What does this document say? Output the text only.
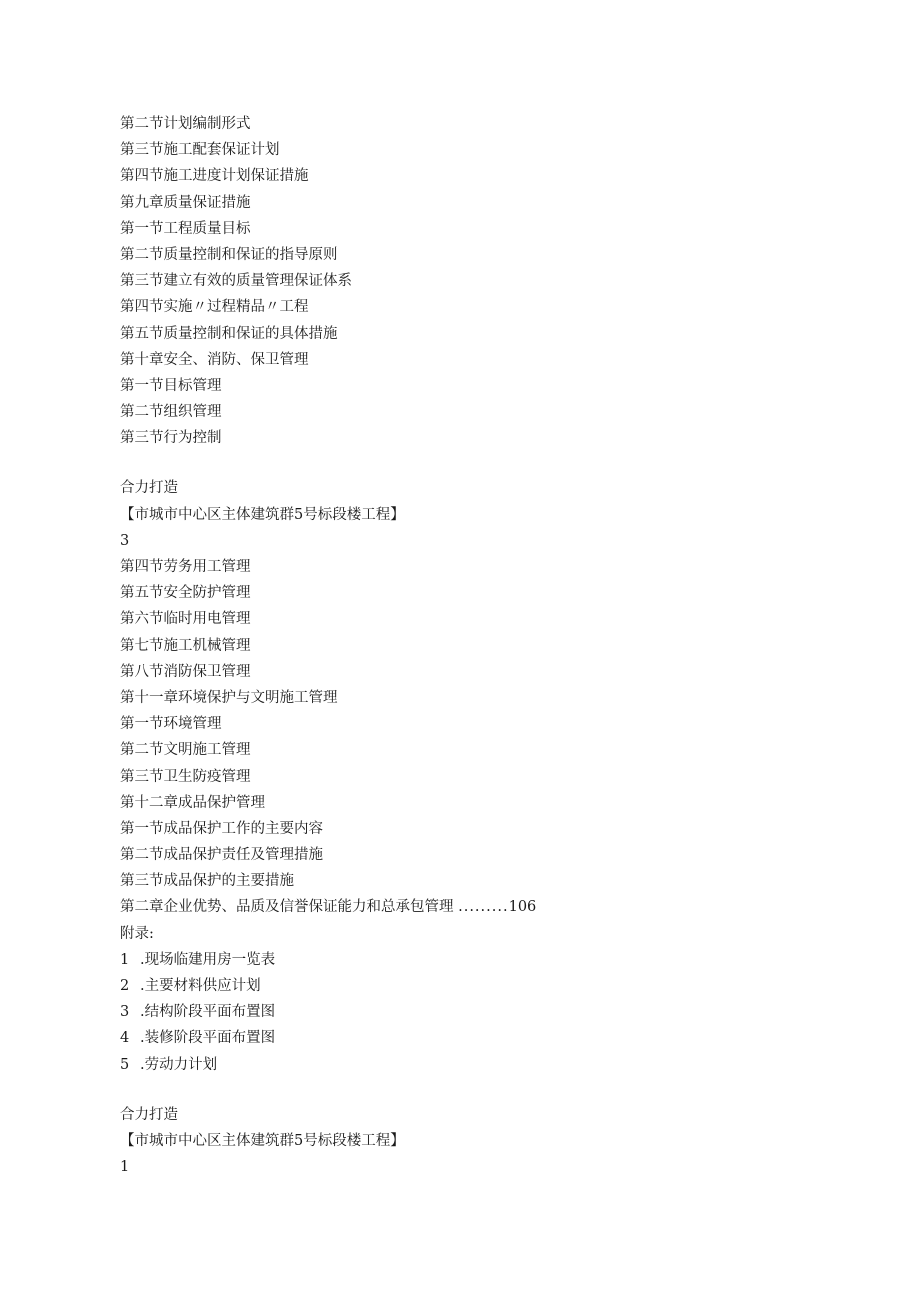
第二节计划编制形式
第三节施工配套保证计划
第四节施工进度计划保证措施
第九章质量保证措施
第一节工程质量目标
第二节质量控制和保证的指导原则
第三节建立有效的质量管理保证体系
第四节实施〃过程精品〃工程
第五节质量控制和保证的具体措施
第十章安全、消防、保卫管理
第一节目标管理
第二节组织管理
第三节行为控制
合力打造
【市城市中心区主体建筑群5号标段楼工程】
3
第四节劳务用工管理
第五节安全防护管理
第六节临时用电管理
第七节施工机械管理
第八节消防保卫管理
第十一章环境保护与文明施工管理
第一节环境管理
第二节文明施工管理
第三节卫生防疫管理
第十二章成品保护管理
第一节成品保护工作的主要内容
第二节成品保护责任及管理措施
第三节成品保护的主要措施
第二章企业优势、品质及信誉保证能力和总承包管理 .........106
附录:
1 .现场临建用房一览表
2 .主要材料供应计划
3 .结构阶段平面布置图
4 .装修阶段平面布置图
5 .劳动力计划
合力打造
【市城市中心区主体建筑群5号标段楼工程】
1
